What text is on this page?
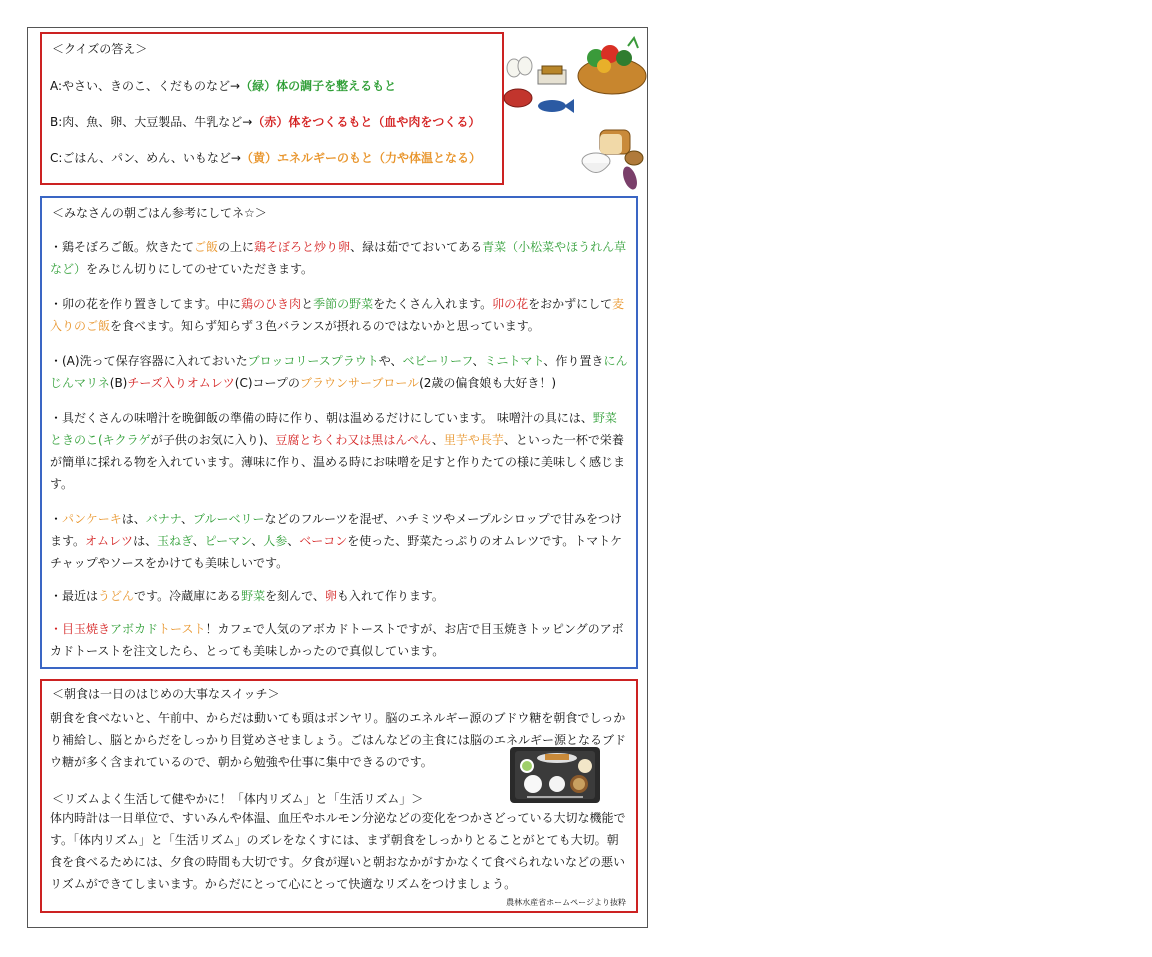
＜クイズの答え＞
A:やさい、きのこ、くだものなど→（緑）体の調子を整えるもと
B:肉、魚、卵、大豆製品、牛乳など→（赤）体をつくるもと（血や肉をつくる）
C:ごはん、パン、めん、いもなど→（黄）エネルギーのもと（力や体温となる）
＜みなさんの朝ごはん参考にしてネ☆＞
・鶏そぼろご飯。炊きたてご飯の上に鶏そぼろと炒り卵、緑は茹でておいてある青菜（小松菜やほうれん草など）をみじん切りにしてのせていただきます。
・卯の花を作り置きしてます。中に鶏のひき肉と季節の野菜をたくさん入れます。卯の花をおかずにして麦入りのご飯を食べます。知らず知らず３色バランスが摂れるのではないかと思っています。
・(A)洗って保存容器に入れておいたブロッコリースプラウトや、ベビーリーフ、ミニトマト、作り置きにんじんマリネ(B)チーズ入りオムレツ(C)コープのブラウンサーブロール(2歳の偏食娘も大好き！)
・具だくさんの味噌汁を晩御飯の準備の時に作り、朝は温めるだけにしています。 味噌汁の具には、野菜ときのこ(キクラゲが子供のお気に入り)、豆腐とちくわ又は黒はんぺん、里芋や長芋、といった一杯で栄養が簡単に採れる物を入れています。薄味に作り、温める時にお味噌を足すと作りたての様に美味しく感じます。
・パンケーキは、バナナ、ブルーベリーなどのフルーツを混ぜ、ハチミツやメープルシロップで甘みをつけます。オムレツは、玉ねぎ、ピーマン、人参、ベーコンを使った、野菜たっぷりのオムレツです。トマトケチャップやソースをかけても美味しいです。
・最近はうどんです。冷蔵庫にある野菜を刻んで、卵も入れて作ります。
・目玉焼きアボカドトースト！カフェで人気のアボカドトーストですが、お店で目玉焼きトッピングのアボカドトーストを注文したら、とっても美味しかったので真似しています。
＜朝食は一日のはじめの大事なスイッチ＞
朝食を食べないと、午前中、からだは動いても頭はボンヤリ。脳のエネルギー源のブドウ糖を朝食でしっかり補給し、脳とからだをしっかり目覚めさせましょう。ごはんなどの主食には脳のエネルギー源となるブドウ糖が多く含まれているので、朝から勉強や仕事に集中できるのです。
＜リズムよく生活して健やかに！「体内リズム」と「生活リズム」＞
体内時計は一日単位で、すいみんや体温、血圧やホルモン分泌などの変化をつかさどっている大切な機能です。「体内リズム」と「生活リズム」のズレをなくすには、まず朝食をしっかりとることがとても大切。朝食を食べるためには、夕食の時間も大切です。夕食が遅いと朝おなかがすかなくて食べられないなどの悪いリズムができてしまいます。からだにとって心にとって快適なリズムをつけましょう。
農林水産省ホームページより抜粋
